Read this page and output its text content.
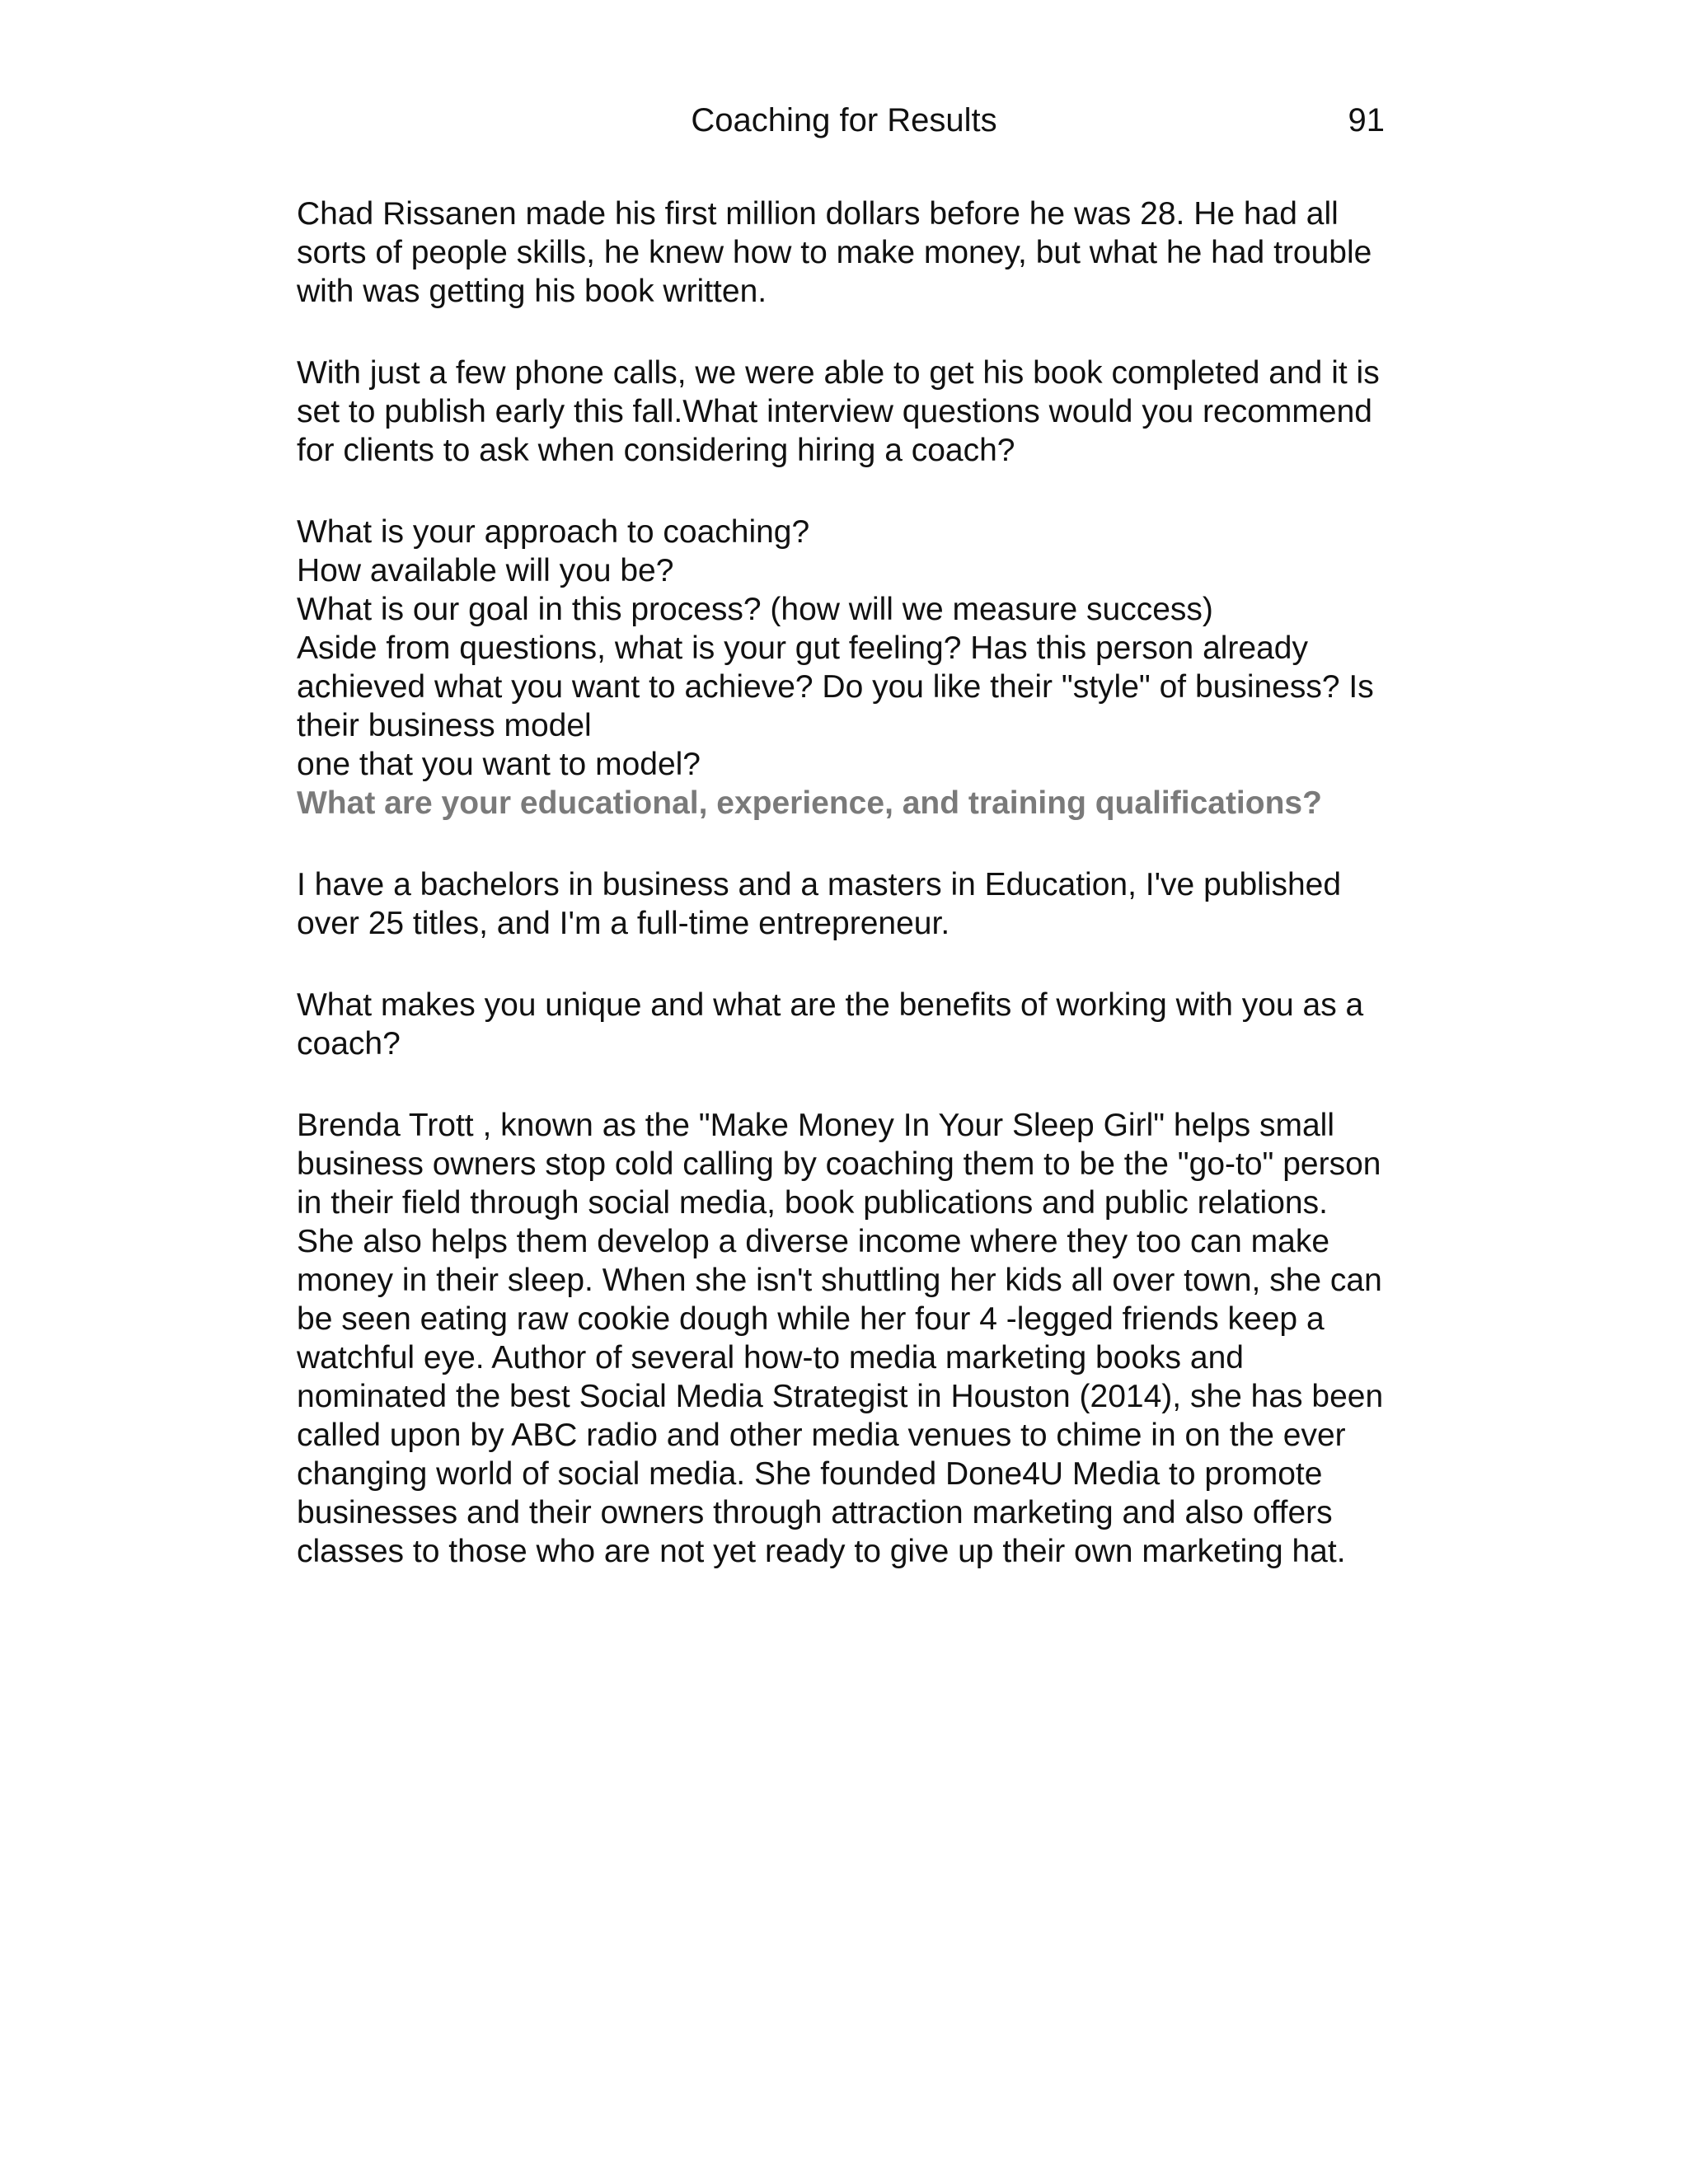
Coaching for Results	91

Chad Rissanen made his first million dollars before he was 28. He had all sorts of people skills, he knew how to make money, but what he had trouble with was getting his book written.

With just a few phone calls, we were able to get his book completed and it is set to publish early this fall.What interview questions would you recommend for clients to ask when considering hiring a coach?

What is your approach to coaching?

How available will you be?

What is our goal in this process? (how will we measure success)

Aside from questions, what is your gut feeling? Has this person already achieved what you want to achieve? Do you like their "style" of business? Is their business model

one that you want to model?

What are your educational, experience, and training qualifications?

I have a bachelors in business and a masters in Education, I've published over 25 titles, and I'm a full-time entrepreneur.

What makes you unique and what are the benefits of working with you as a coach?

Brenda Trott , known as the "Make Money In Your Sleep Girl" helps small business owners stop cold calling by coaching them to be the "go-to" person in their field through social media, book publications and public relations. She also helps them develop a diverse income where they too can make money in their sleep. When she isn't shuttling her kids all over town, she can be seen eating raw cookie dough while her four 4 -legged friends keep a watchful eye. Author of several how-to media marketing books and nominated the best Social Media Strategist in Houston (2014), she has been called upon by ABC radio and other media venues to chime in on the ever changing world of social media. She founded Done4U Media to promote businesses and their owners through attraction marketing and also offers classes to those who are not yet ready to give up their own marketing hat.
